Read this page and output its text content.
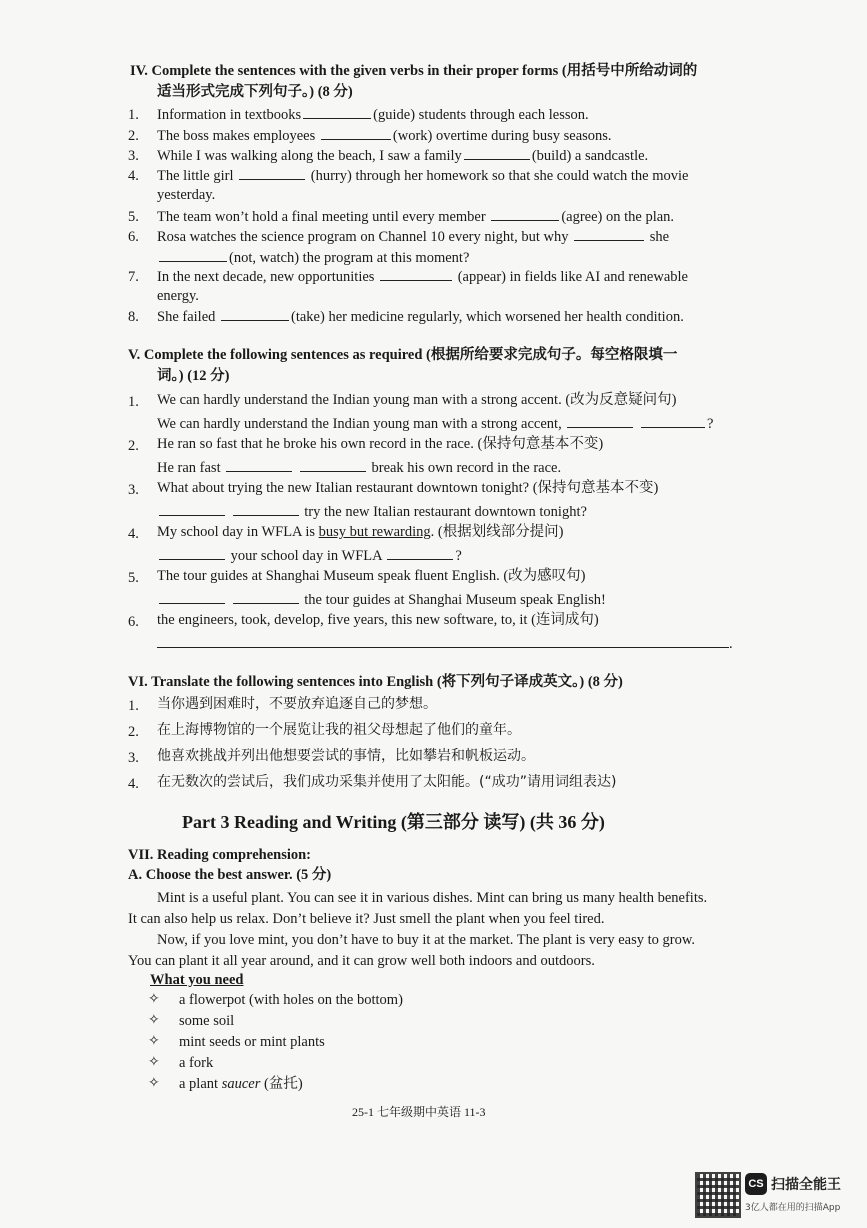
IV. Complete the sentences with the given verbs in their proper forms (用括号中所给动词的
适当形式完成下列句子。) (8 分)
1. Information in textbooks	(guide) students through each lesson.
2. The boss makes employees	(work) overtime during busy seasons.
3. While I was walking along the beach, I saw a family	(build) a sandcastle.
4. The little girl	(hurry) through her homework so that she could watch the movie
yesterday.
5. The team won’t hold a final meeting until every member	(agree) on the plan.
6. Rosa watches the science program on Channel 10 every night, but why	she
(not, watch) the program at this moment?
7. In the next decade, new opportunities	(appear) in fields like AI and renewable
energy.
8. She failed	(take) her medicine regularly, which worsened her health condition.
V. Complete the following sentences as required (根据所给要求完成句子。每空格限填一
词。) (12 分)
1. We can hardly understand the Indian young man with a strong accent. (改为反意疑问句)
We can hardly understand the Indian young man with a strong accent,	?
2. He ran so fast that he broke his own record in the race. (保持句意基本不变)
He ran fast	break his own record in the race.
3. What about trying the new Italian restaurant downtown tonight? (保持句意基本不变)
try the new Italian restaurant downtown tonight?
4. My school day in WFLA is busy but rewarding. (根据划线部分提问)
your school day in WFLA	?
5. The tour guides at Shanghai Museum speak fluent English. (改为感叹句)
the tour guides at Shanghai Museum speak English!
6. the engineers, took, develop, five years, this new software, to, it (连词成句)
.
VI. Translate the following sentences into English (将下列句子译成英文。) (8 分)
1. 当你遇到困难时，不要放弃追逐自己的梦想。
2. 在上海博物馆的一个展览让我的祖父母想起了他们的童年。
3. 他喜欢挑战并列出他想要尝试的事情，比如攀岩和帆板运动。
4. 在无数次的尝试后，我们成功采集并使用了太阳能。(“成功”请用词组表达)
Part 3 Reading and Writing (第三部分 读写) (共 36 分)
VII. Reading comprehension:
A. Choose the best answer. (5 分)
Mint is a useful plant. You can see it in various dishes. Mint can bring us many health benefits.
It can also help us relax. Don’t believe it? Just smell the plant when you feel tired.
Now, if you love mint, you don’t have to buy it at the market. The plant is very easy to grow.
You can plant it all year around, and it can grow well both indoors and outdoors.
What you need
✧ a flowerpot (with holes on the bottom)
✧ some soil
✧ mint seeds or mint plants
✧ a fork
✧ a plant saucer (盆托)
25-1 七年级期中英语 11-3
CS 扫描全能王
3亿人都在用的扫描App
